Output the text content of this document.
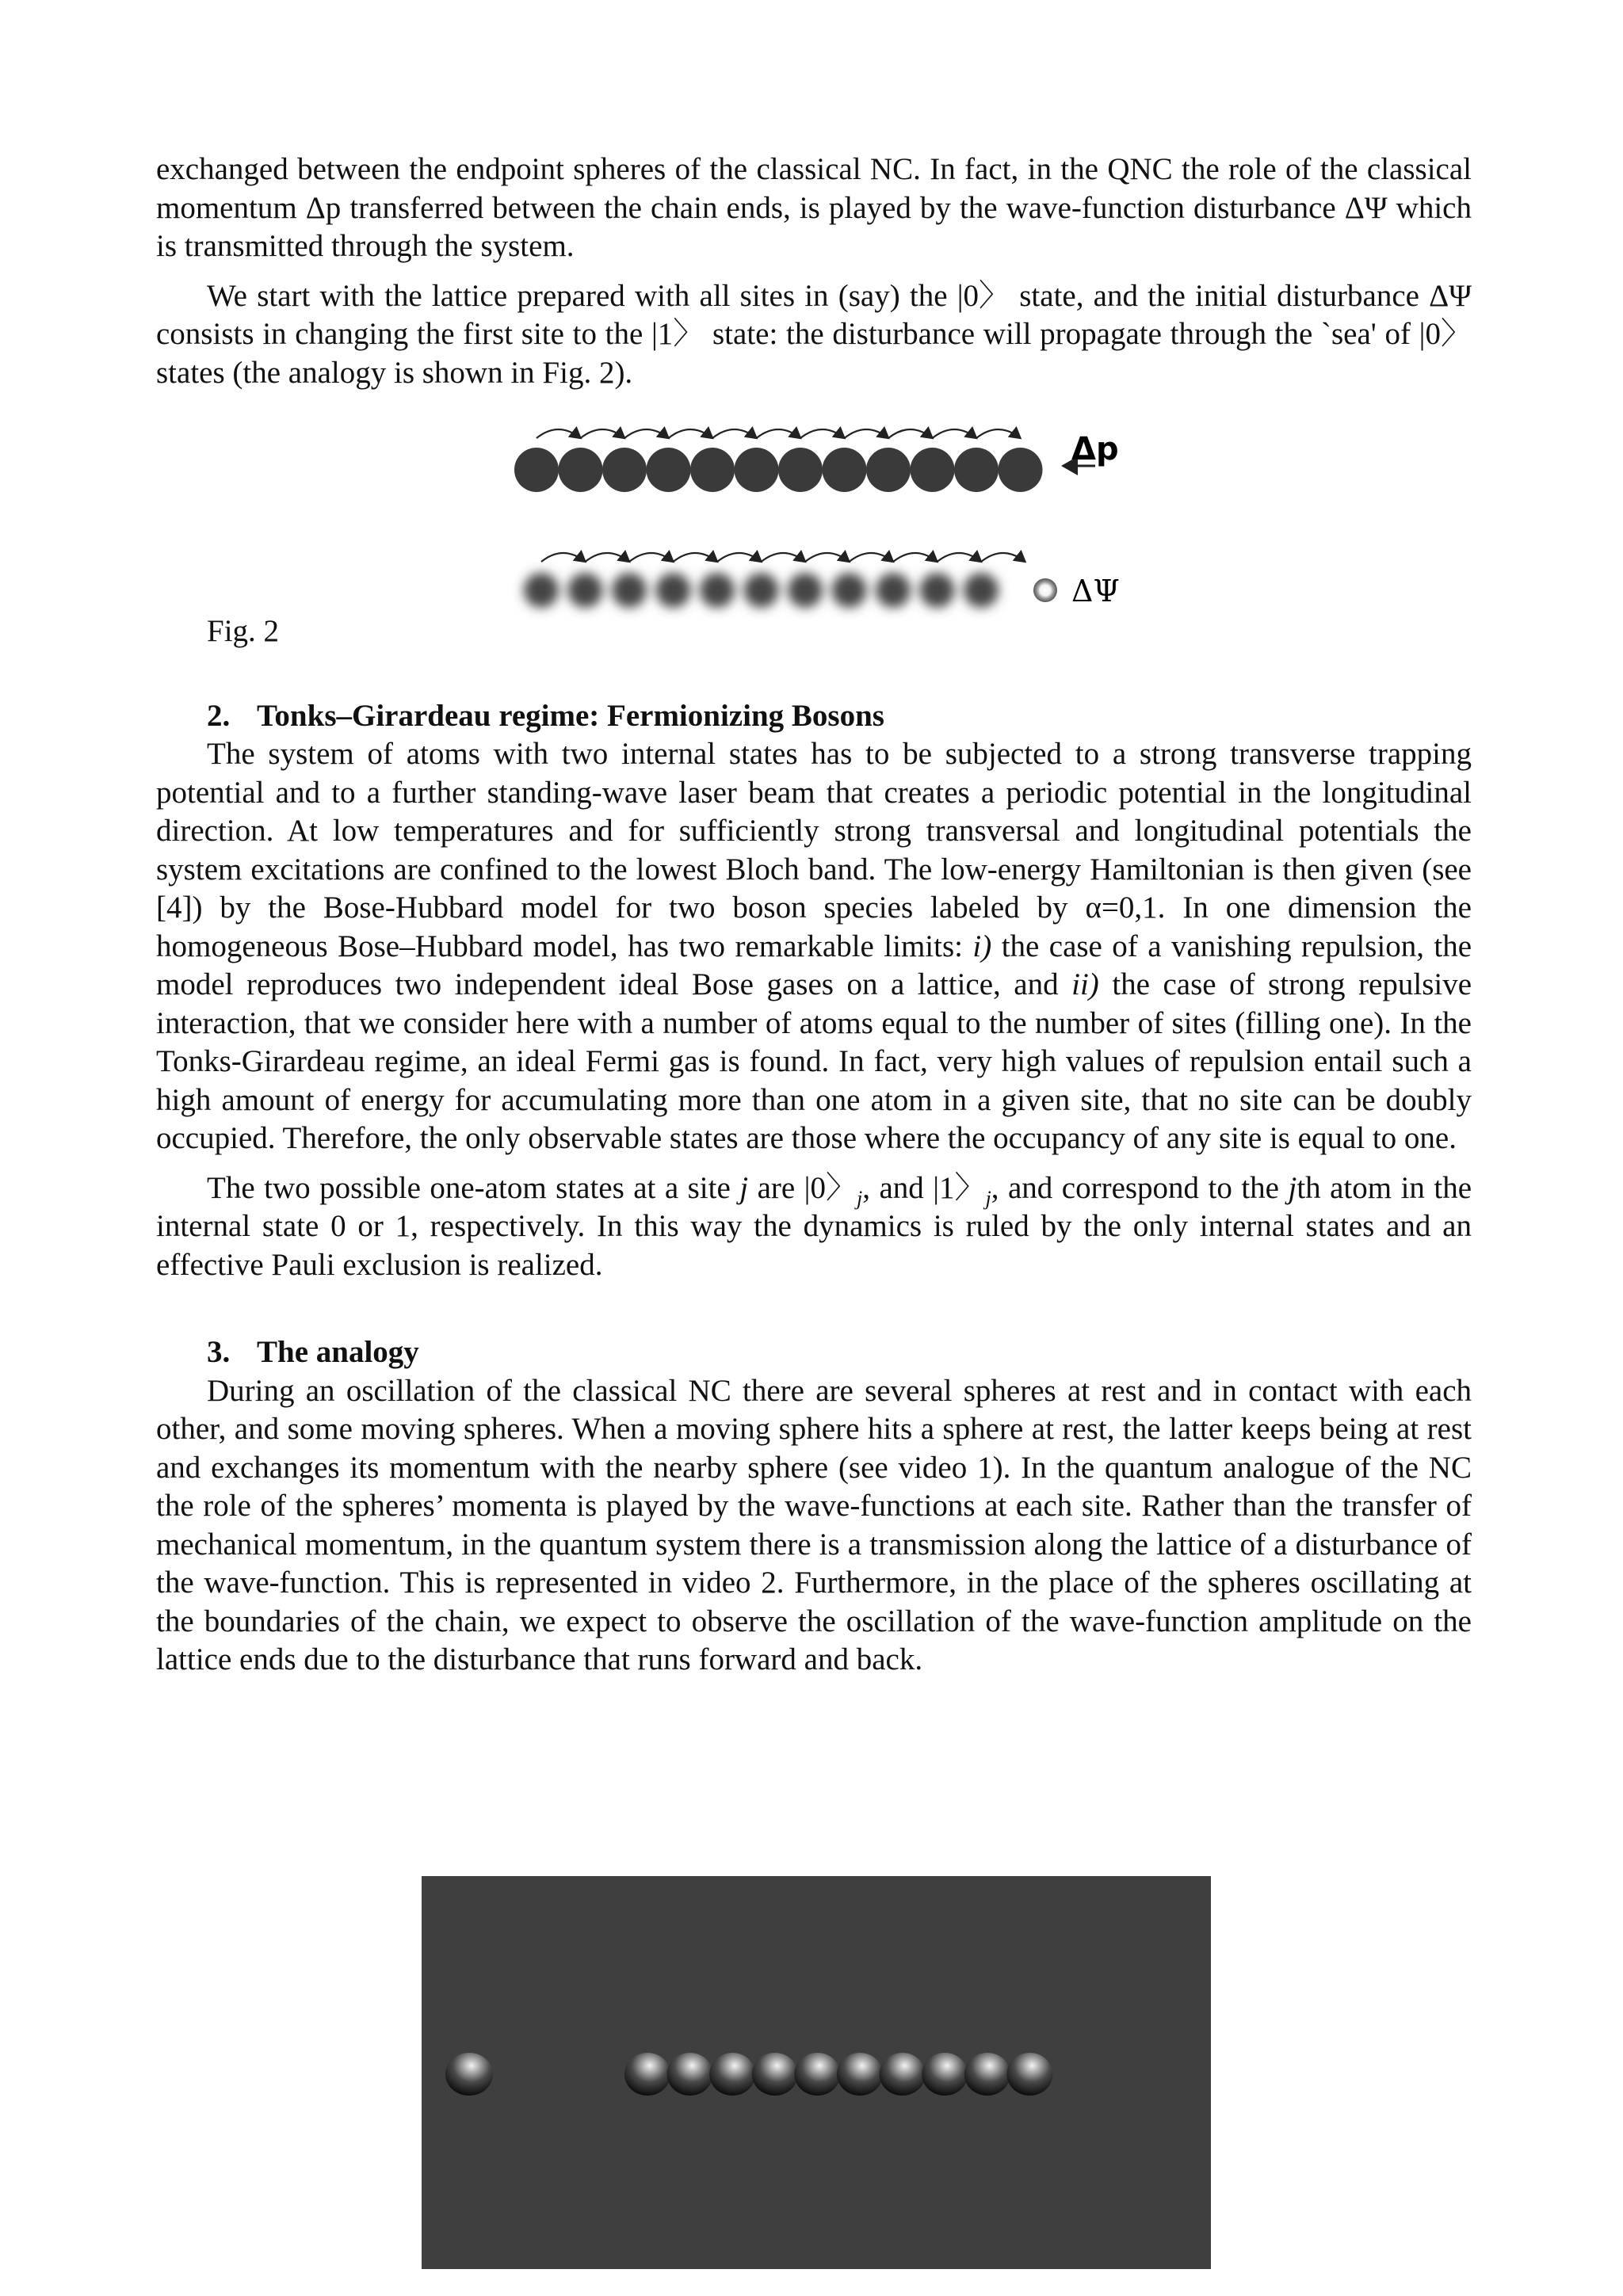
exchanged between the endpoint spheres of the classical NC. In fact, in the QNC the role of the classical momentum Δp transferred between the chain ends, is played by the wave-function disturbance ΔΨ which is transmitted through the system.

We start with the lattice prepared with all sites in (say) the |0〉 state, and the initial disturbance ΔΨ consists in changing the first site to the |1〉 state: the disturbance will propagate through the `sea' of |0〉 states (the analogy is shown in Fig. 2).

Δp
ΔΨ

Fig. 2

2. Tonks–Girardeau regime: Fermionizing Bosons

The system of atoms with two internal states has to be subjected to a strong transverse trapping potential and to a further standing-wave laser beam that creates a periodic potential in the longitudinal direction. At low temperatures and for sufficiently strong transversal and longitudinal potentials the system excitations are confined to the lowest Bloch band. The low-energy Hamiltonian is then given (see [4]) by the Bose-Hubbard model for two boson species labeled by α=0,1. In one dimension the homogeneous Bose–Hubbard model, has two remarkable limits: i) the case of a vanishing repulsion, the model reproduces two independent ideal Bose gases on a lattice, and ii) the case of strong repulsive interaction, that we consider here with a number of atoms equal to the number of sites (filling one). In the Tonks-Girardeau regime, an ideal Fermi gas is found. In fact, very high values of repulsion entail such a high amount of energy for accumulating more than one atom in a given site, that no site can be doubly occupied. Therefore, the only observable states are those where the occupancy of any site is equal to one.

The two possible one-atom states at a site j are $|0〉_j$, and $|1〉_j$, and correspond to the jth atom in the internal state 0 or 1, respectively. In this way the dynamics is ruled by the only internal states and an effective Pauli exclusion is realized.

3. The analogy

During an oscillation of the classical NC there are several spheres at rest and in contact with each other, and some moving spheres. When a moving sphere hits a sphere at rest, the latter keeps being at rest and exchanges its momentum with the nearby sphere (see video 1). In the quantum analogue of the NC the role of the spheres’ momenta is played by the wave-functions at each site. Rather than the transfer of mechanical momentum, in the quantum system there is a transmission along the lattice of a disturbance of the wave-function. This is represented in video 2. Furthermore, in the place of the spheres oscillating at the boundaries of the chain, we expect to observe the oscillation of the wave-function amplitude on the lattice ends due to the disturbance that runs forward and back.
